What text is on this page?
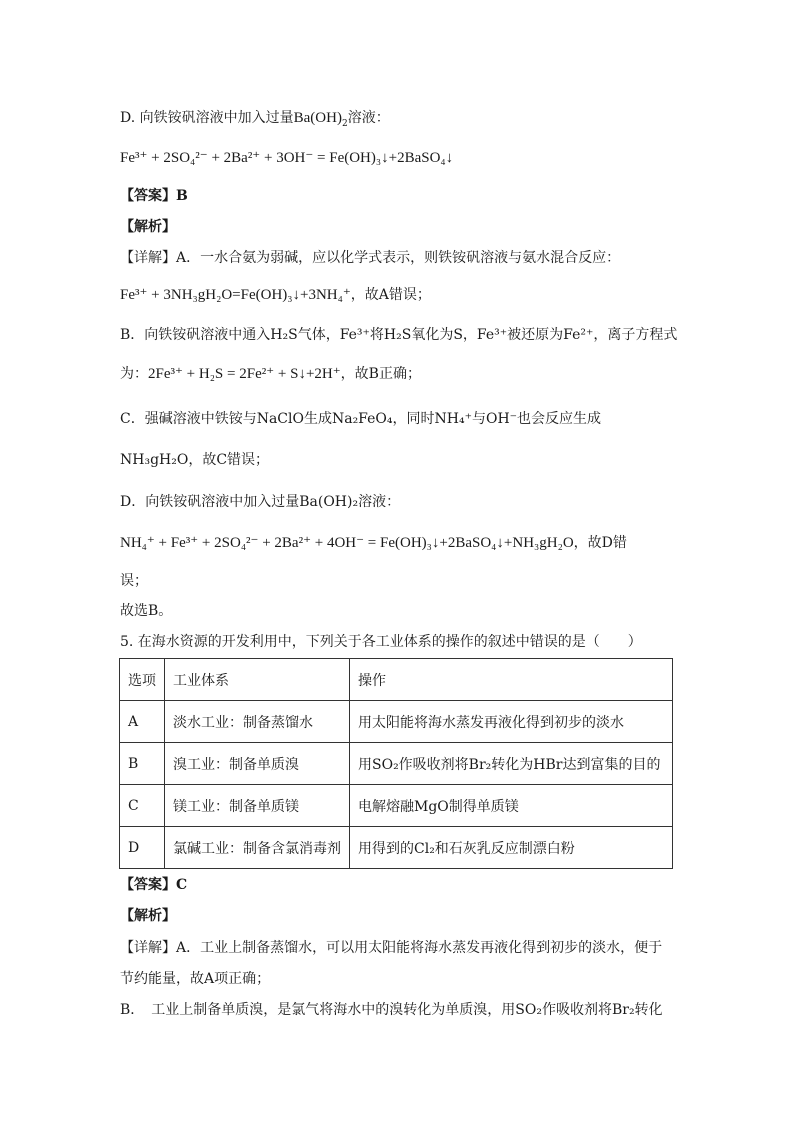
D. 向铁铵矾溶液中加入过量$Ba(OH)_2$溶液：
Fe³⁺ + 2SO₄²⁻ + 2Ba²⁺ + 3OH⁻ = Fe(OH)₃↓+2BaSO₄↓
【答案】B
【解析】
【详解】A．一水合氨为弱碱，应以化学式表示，则铁铵矾溶液与氨水混合反应：
Fe³⁺ + 3NH₃gH₂O=Fe(OH)₃↓+3NH₄⁺，故A错误；
B．向铁铵矾溶液中通入H₂S气体，Fe³⁺将H₂S氧化为S，Fe³⁺被还原为Fe²⁺，离子方程式
为：2Fe³⁺ + H₂S = 2Fe²⁺ + S↓+2H⁺，故B正确；
C．强碱溶液中铁铵与NaClO生成Na₂FeO₄，同时NH₄⁺与OH⁻也会反应生成
NH₃gH₂O，故C错误；
D．向铁铵矾溶液中加入过量Ba(OH)₂溶液：
NH₄⁺ + Fe³⁺ + 2SO₄²⁻ + 2Ba²⁺ + 4OH⁻ = Fe(OH)₃↓+2BaSO₄↓+NH₃gH₂O，故D错
误；
故选B。
5. 在海水资源的开发利用中，下列关于各工业体系的操作的叙述中错误的是（　　）
选项	工业体系	操作
A	淡水工业：制备蒸馏水	用太阳能将海水蒸发再液化得到初步的淡水
B	溴工业：制备单质溴	用SO₂作吸收剂将Br₂转化为HBr达到富集的目的
C	镁工业：制备单质镁	电解熔融MgO制得单质镁
D	氯碱工业：制备含氯消毒剂	用得到的Cl₂和石灰乳反应制漂白粉
【答案】C
【解析】
【详解】A．工业上制备蒸馏水，可以用太阳能将海水蒸发再液化得到初步的淡水，便于
节约能量，故A项正确；
B．　工业上制备单质溴，是氯气将海水中的溴转化为单质溴，用SO₂作吸收剂将Br₂转化
